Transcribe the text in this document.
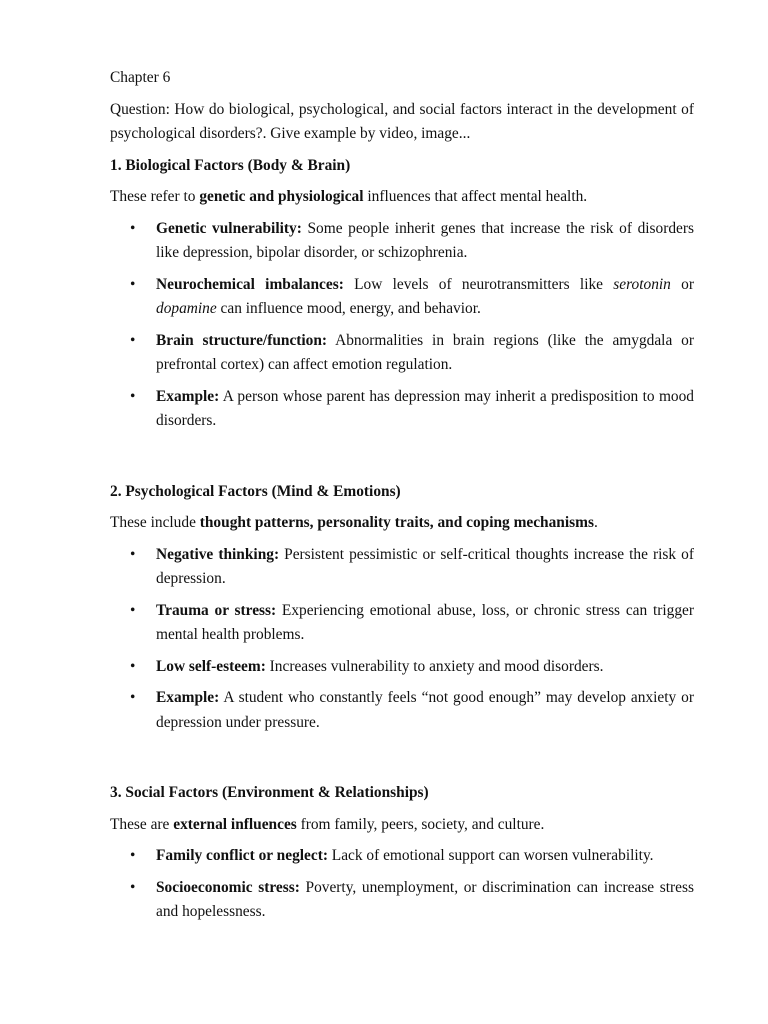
Chapter 6

Question: How do biological, psychological, and social factors interact in the development of psychological disorders?. Give example by video, image...

1. Biological Factors (Body & Brain)

These refer to genetic and physiological influences that affect mental health.

• Genetic vulnerability: Some people inherit genes that increase the risk of disorders like depression, bipolar disorder, or schizophrenia.
• Neurochemical imbalances: Low levels of neurotransmitters like serotonin or dopamine can influence mood, energy, and behavior.
• Brain structure/function: Abnormalities in brain regions (like the amygdala or prefrontal cortex) can affect emotion regulation.
• Example: A person whose parent has depression may inherit a predisposition to mood disorders.

2. Psychological Factors (Mind & Emotions)

These include thought patterns, personality traits, and coping mechanisms.

• Negative thinking: Persistent pessimistic or self-critical thoughts increase the risk of depression.
• Trauma or stress: Experiencing emotional abuse, loss, or chronic stress can trigger mental health problems.
• Low self-esteem: Increases vulnerability to anxiety and mood disorders.
• Example: A student who constantly feels “not good enough” may develop anxiety or depression under pressure.

3. Social Factors (Environment & Relationships)

These are external influences from family, peers, society, and culture.

• Family conflict or neglect: Lack of emotional support can worsen vulnerability.
• Socioeconomic stress: Poverty, unemployment, or discrimination can increase stress and hopelessness.
